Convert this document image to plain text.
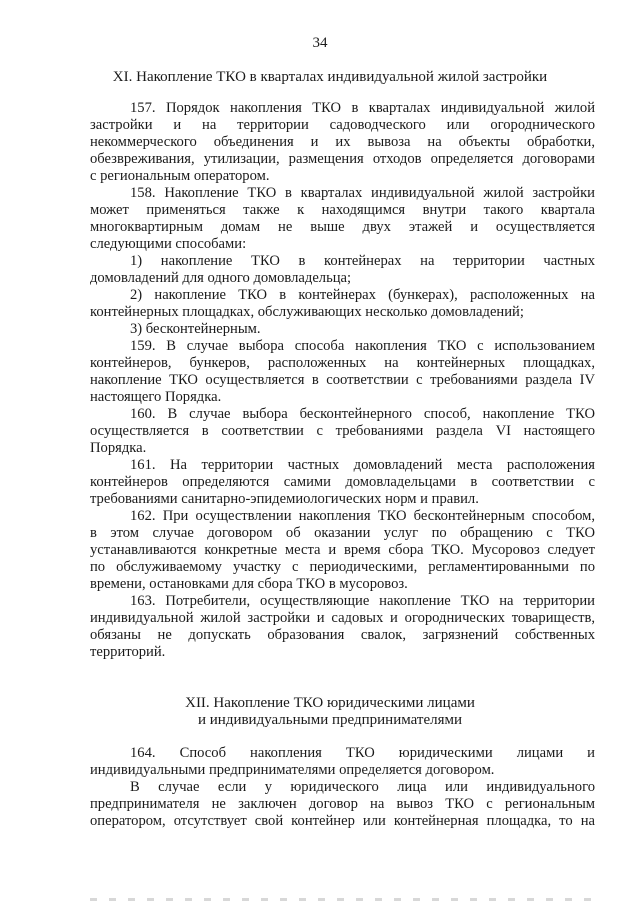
34
XI. Накопление ТКО в кварталах индивидуальной жилой застройки
157. Порядок накопления ТКО в кварталах индивидуальной жилой
застройки и на территории садоводческого или огороднического
некоммерческого объединения и их вывоза на объекты обработки,
обезвреживания, утилизации, размещения отходов определяется договорами
с региональным оператором.
158. Накопление ТКО в кварталах индивидуальной жилой застройки
может применяться также к находящимся внутри такого квартала
многоквартирным домам не выше двух этажей и осуществляется
следующими способами:
1) накопление ТКО в контейнерах на территории частных
домовладений для одного домовладельца;
2) накопление ТКО в контейнерах (бункерах), расположенных на
контейнерных площадках, обслуживающих несколько домовладений;
3) бесконтейнерным.
159. В случае выбора способа накопления ТКО с использованием
контейнеров, бункеров, расположенных на контейнерных площадках,
накопление ТКО осуществляется в соответствии с требованиями раздела IV
настоящего Порядка.
160. В случае выбора бесконтейнерного способ, накопление ТКО
осуществляется в соответствии с требованиями раздела VI настоящего
Порядка.
161. На территории частных домовладений места расположения
контейнеров определяются самими домовладельцами в соответствии с
требованиями санитарно-эпидемиологических норм и правил.
162. При осуществлении накопления ТКО бесконтейнерным способом,
в этом случае договором об оказании услуг по обращению с ТКО
устанавливаются конкретные места и время сбора ТКО. Мусоровоз следует
по обслуживаемому участку с периодическими, регламентированными по
времени, остановками для сбора ТКО в мусоровоз.
163. Потребители, осуществляющие накопление ТКО на территории
индивидуальной жилой застройки и садовых и огороднических товариществ,
обязаны не допускать образования свалок, загрязнений собственных
территорий.
XII. Накопление ТКО юридическими лицами
и индивидуальными предпринимателями
164. Способ накопления ТКО юридическими лицами и
индивидуальными предпринимателями определяется договором.
В случае если у юридического лица или индивидуального
предпринимателя не заключен договор на вывоз ТКО с региональным
оператором, отсутствует свой контейнер или контейнерная площадка, то на
